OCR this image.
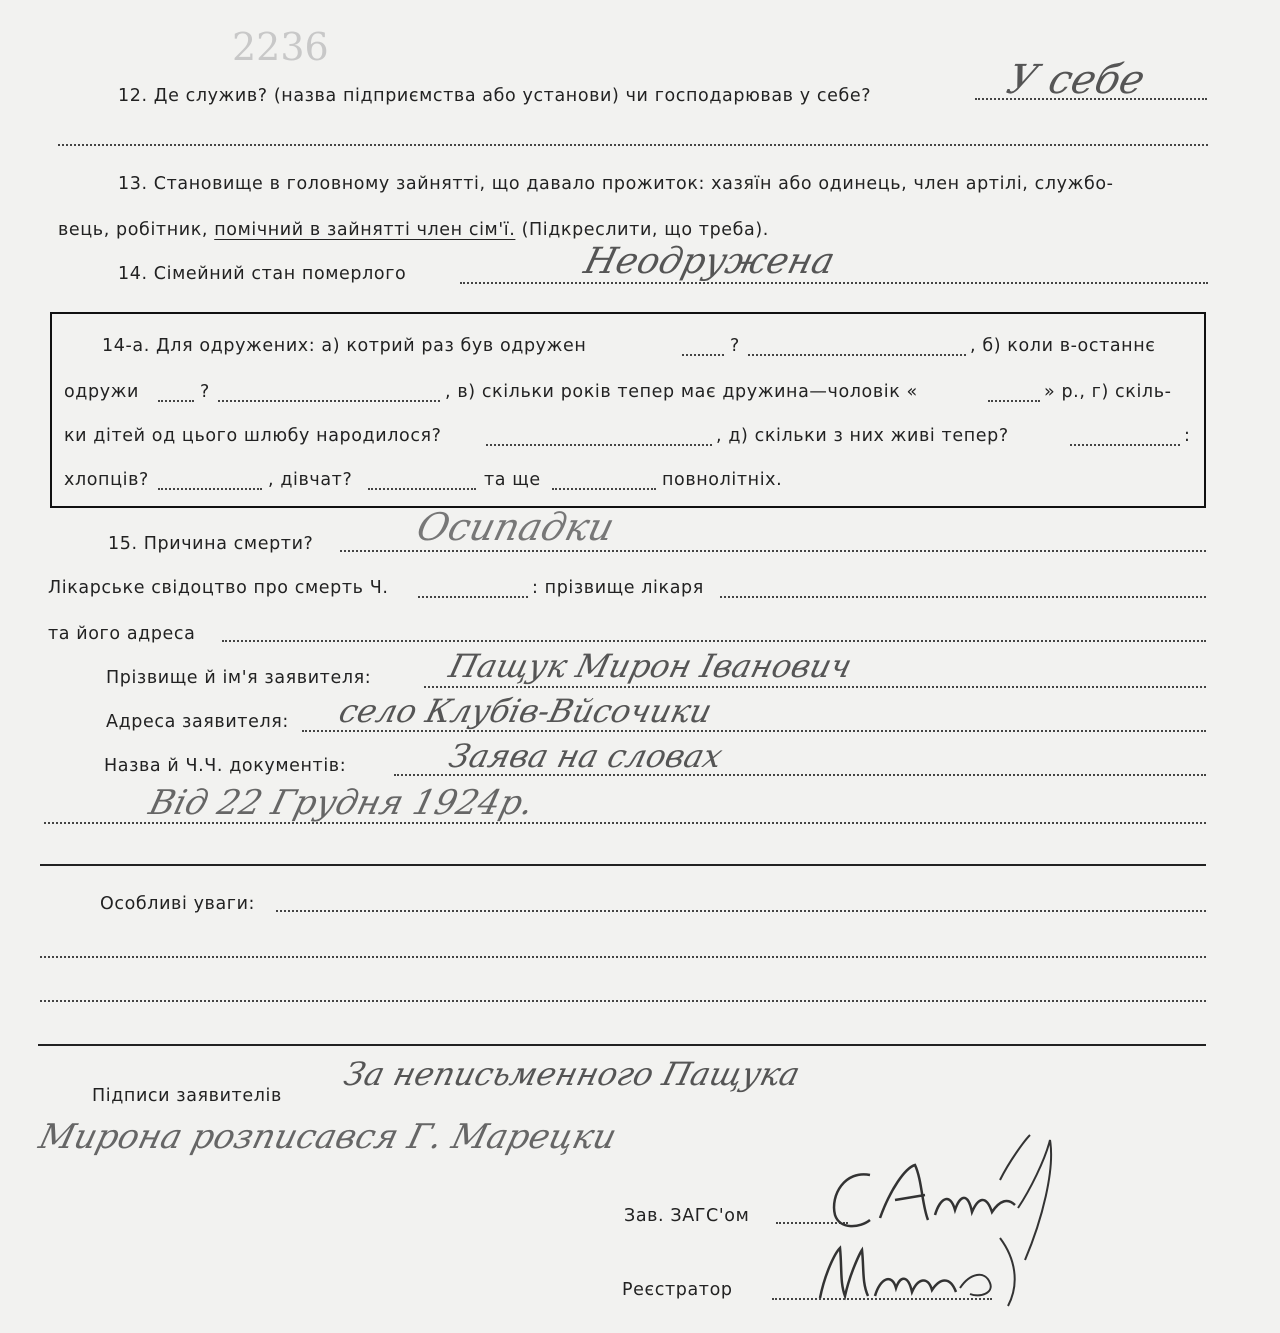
2236
12. Де служив? (назва підприємства або установи) чи господарював у себе?	У себе
13. Становище в головному зайнятті, що давало прожиток: хазяїн або одинець, член артілі, службо-
вець, робітник, помічний в зайнятті член сім'ї. (Підкреслити, що треба).
14. Сімейний стан померлого	Неодружена
14-а. Для одружених: а) котрий раз був одружен	?	, б) коли в-останнє
одружи	?	, в) скільки років тепер має дружина—чоловік «	» р., г) скіль-
ки дітей од цього шлюбу народилося?	, д) скільки з них живі тепер?	:
хлопців?	, дівчат?	та ще	повнолітніх.
15. Причина смерти?	Осипадки
Лікарське свідоцтво про смерть Ч.	: прізвище лікаря
та його адреса
Прізвище й ім'я заявителя: Пащук Мирон Іванович
Адреса заявителя: село Клубів-Вйсочики
Назва й Ч.Ч. документів:	Заява на словах
Від 22 Грудня 1924р.
Особливі уваги:
Підписи заявителів
За неписьменного Пащука
Мирона розписався Г. Марецки
Зав. ЗАГС'ом
Реєстратор
